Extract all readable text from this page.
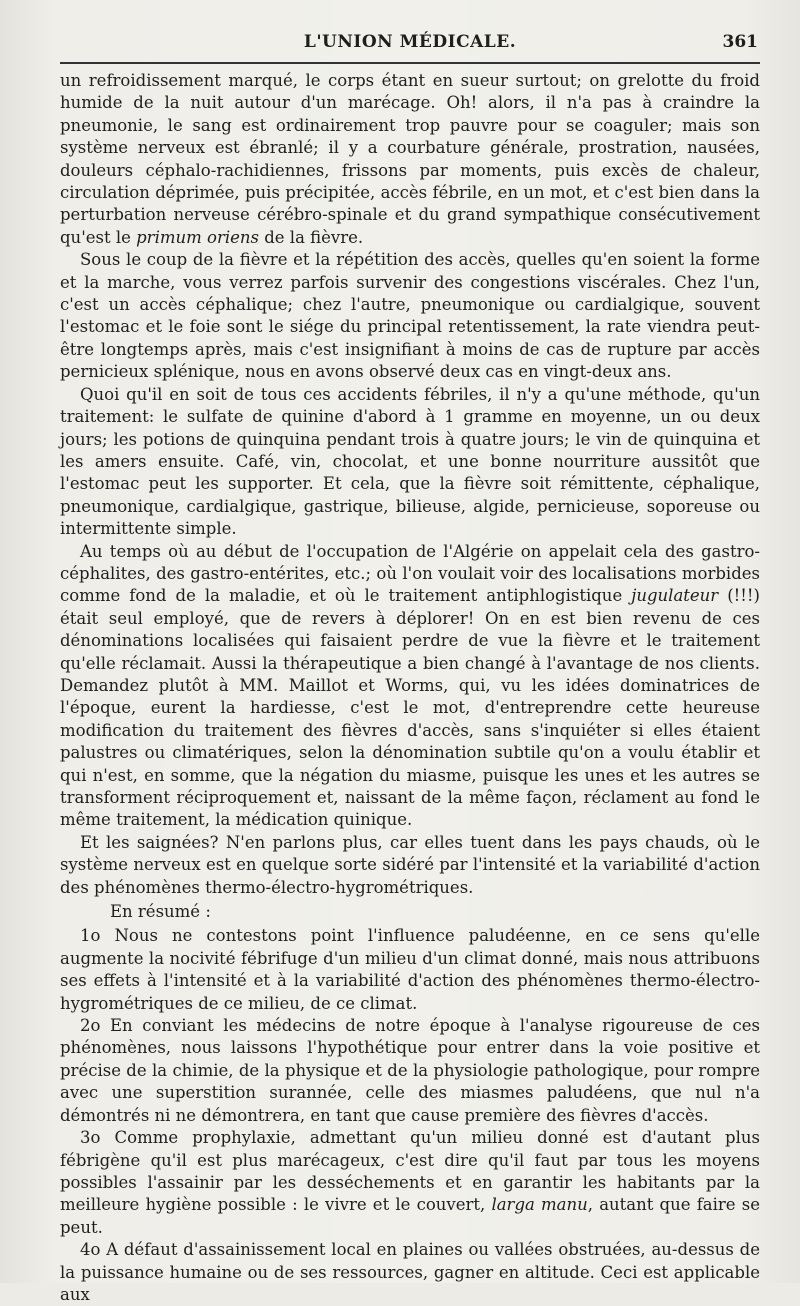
L'UNION MÉDICALE.	361

un refroidissement marqué, le corps étant en sueur surtout; on grelotte du froid humide de la nuit autour d'un marécage. Oh! alors, il n'a pas à craindre la pneumonie, le sang est ordinairement trop pauvre pour se coaguler; mais son système nerveux est ébranlé; il y a courbature générale, prostration, nausées, douleurs céphalo-rachidiennes, frissons par moments, puis excès de chaleur, circulation déprimée, puis précipitée, accès fébrile, en un mot, et c'est bien dans la perturbation nerveuse cérébro-spinale et du grand sympathique consécutivement qu'est le primum oriens de la fièvre.

Sous le coup de la fièvre et la répétition des accès, quelles qu'en soient la forme et la marche, vous verrez parfois survenir des congestions viscérales. Chez l'un, c'est un accès céphalique; chez l'autre, pneumonique ou cardialgique, souvent l'estomac et le foie sont le siége du principal retentissement, la rate viendra peut-être longtemps après, mais c'est insignifiant à moins de cas de rupture par accès pernicieux splénique, nous en avons observé deux cas en vingt-deux ans.

Quoi qu'il en soit de tous ces accidents fébriles, il n'y a qu'une méthode, qu'un traitement: le sulfate de quinine d'abord à 1 gramme en moyenne, un ou deux jours; les potions de quinquina pendant trois à quatre jours; le vin de quinquina et les amers ensuite. Café, vin, chocolat, et une bonne nourriture aussitôt que l'estomac peut les supporter. Et cela, que la fièvre soit rémittente, céphalique, pneumonique, cardialgique, gastrique, bilieuse, algide, pernicieuse, soporeuse ou intermittente simple.

Au temps où au début de l'occupation de l'Algérie on appelait cela des gastro-céphalites, des gastro-entérites, etc.; où l'on voulait voir des localisations morbides comme fond de la maladie, et où le traitement antiphlogistique jugulateur (!!!) était seul employé, que de revers à déplorer! On en est bien revenu de ces dénominations localisées qui faisaient perdre de vue la fièvre et le traitement qu'elle réclamait. Aussi la thérapeutique a bien changé à l'avantage de nos clients. Demandez plutôt à MM. Maillot et Worms, qui, vu les idées dominatrices de l'époque, eurent la hardiesse, c'est le mot, d'entreprendre cette heureuse modification du traitement des fièvres d'accès, sans s'inquiéter si elles étaient palustres ou climatériques, selon la dénomination subtile qu'on a voulu établir et qui n'est, en somme, que la négation du miasme, puisque les unes et les autres se transforment réciproquement et, naissant de la même façon, réclament au fond le même traitement, la médication quinique.

Et les saignées? N'en parlons plus, car elles tuent dans les pays chauds, où le système nerveux est en quelque sorte sidéré par l'intensité et la variabilité d'action des phénomènes thermo-électro-hygrométriques.

En résumé :

1o Nous ne contestons point l'influence paludéenne, en ce sens qu'elle augmente la nocivité fébrifuge d'un milieu d'un climat donné, mais nous attribuons ses effets à l'intensité et à la variabilité d'action des phénomènes thermo-électro-hygrométriques de ce milieu, de ce climat.

2o En conviant les médecins de notre époque à l'analyse rigoureuse de ces phénomènes, nous laissons l'hypothétique pour entrer dans la voie positive et précise de la chimie, de la physique et de la physiologie pathologique, pour rompre avec une superstition surannée, celle des miasmes paludéens, que nul n'a démontrés ni ne démontrera, en tant que cause première des fièvres d'accès.

3o Comme prophylaxie, admettant qu'un milieu donné est d'autant plus fébrigène qu'il est plus marécageux, c'est dire qu'il faut par tous les moyens possibles l'assainir par les desséchements et en garantir les habitants par la meilleure hygiène possible : le vivre et le couvert, larga manu, autant que faire se peut.

4o A défaut d'assainissement local en plaines ou vallées obstruées, au-dessus de la puissance humaine ou de ses ressources, gagner en altitude. Ceci est applicable aux
